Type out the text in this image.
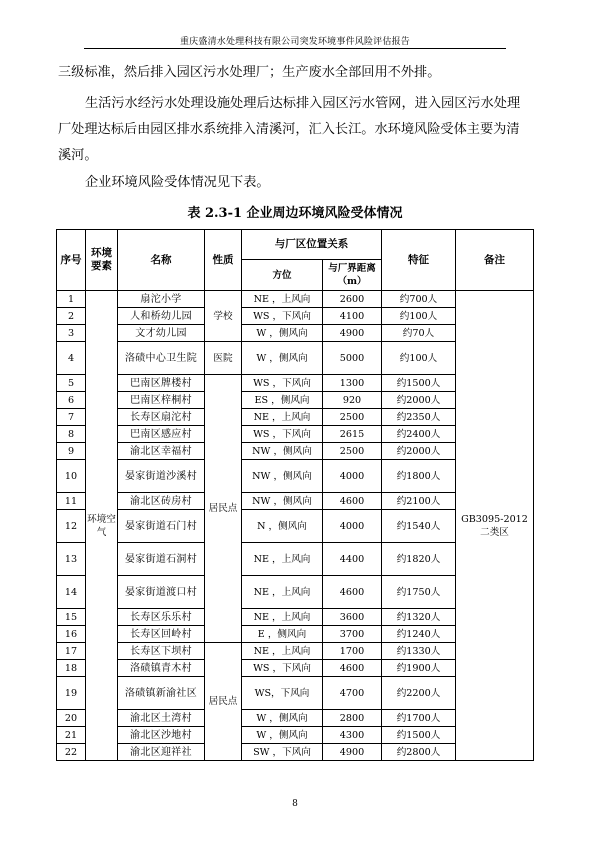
重庆盛清水处理科技有限公司突发环境事件风险评估报告

三级标准，然后排入园区污水处理厂；生产废水全部回用不外排。

生活污水经污水处理设施处理后达标排入园区污水管网，进入园区污水处理厂处理达标后由园区排水系统排入清溪河，汇入长江。水环境风险受体主要为清溪河。

企业环境风险受体情况见下表。

表 2.3-1 企业周边环境风险受体情况
序号	环境要素	名称	性质	与厂区位置关系		特征	备注
				方位	与厂界距离（m）		
1	环境空气	扇沱小学	学校	NE ，上风向	2600	约700人	GB3095-2012 二类区
2		人和桥幼儿园		WS ，下风向	4100	约100人	
3		文才幼儿园		W ，侧风向	4900	约70人	
4		洛碛中心卫生院	医院	W ，侧风向	5000	约100人	
5		巴南区牌楼村	居民点	WS ，下风向	1300	约1500人	
6		巴南区梓桐村		ES ，侧风向	920	约2000人	
7		长寿区扇沱村		NE ，上风向	2500	约2350人	
8		巴南区感应村		WS ，下风向	2615	约2400人	
9		渝北区幸福村		NW ，侧风向	2500	约2000人	
10		晏家街道沙溪村		NW ，侧风向	4000	约1800人	
11		渝北区砖房村		NW ，侧风向	4600	约2100人	
12		晏家街道石门村		N ，侧风向	4000	约1540人	
13		晏家街道石洞村		NE ，上风向	4400	约1820人	
14		晏家街道渡口村		NE ，上风向	4600	约1750人	
15		长寿区乐乐村		NE ，上风向	3600	约1320人	
16		长寿区回岭村		E ，侧风向	3700	约1240人	
17		长寿区下坝村	居民点	NE ，上风向	1700	约1330人	
18		洛碛镇青木村		WS ，下风向	4600	约1900人	
19		洛碛镇新渝社区		WS，下风向	4700	约2200人	
20		渝北区土湾村		W ，侧风向	2800	约1700人	
21		渝北区沙地村		W ，侧风向	4300	约1500人	
22		渝北区迎祥社		SW ，下风向	4900	约2800人	
8
